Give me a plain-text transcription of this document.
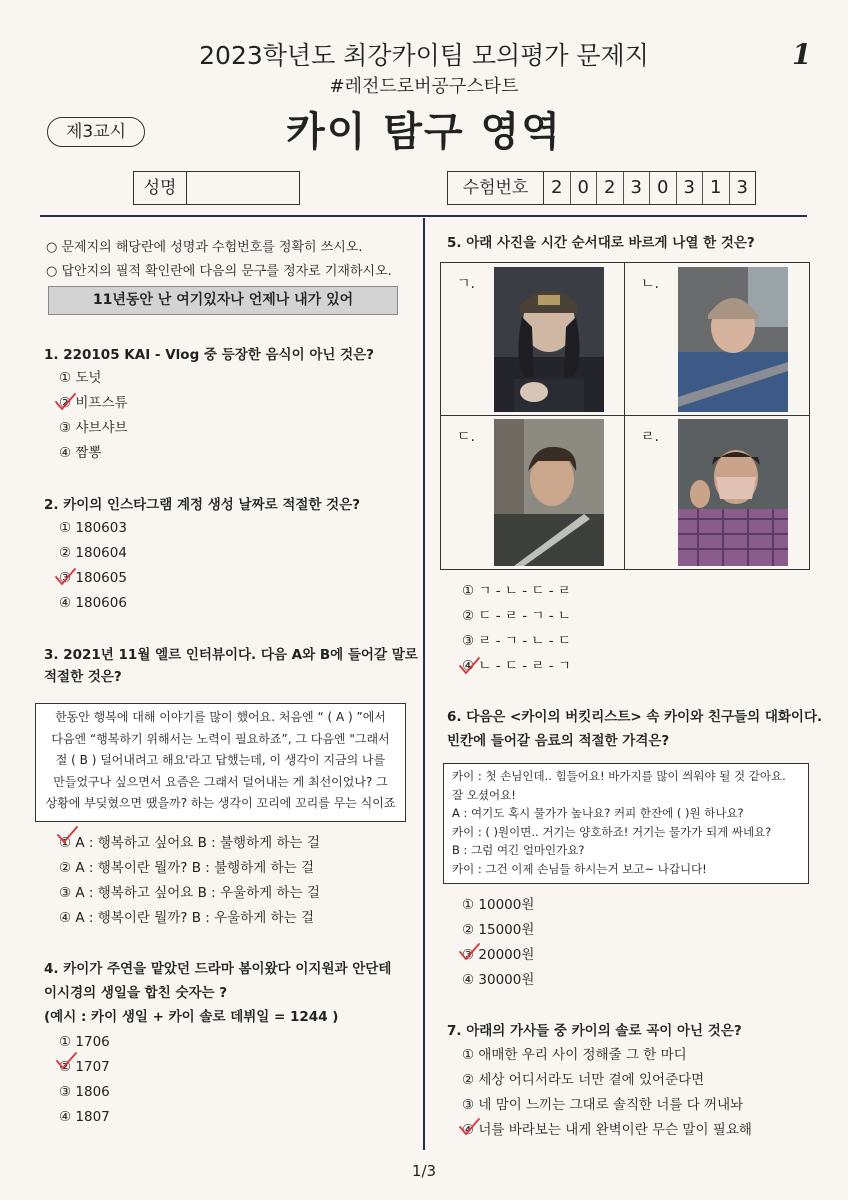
2023학년도 최강카이팀 모의평가 문제지
#레전드로버공구스타트
1
카이 탐구 영역
제3교시
성명	수험번호	2 0 2 3 0 3 1 3
○ 문제지의 해당란에 성명과 수험번호를 정확히 쓰시오.
○ 답안지의 필적 확인란에 다음의 문구를 정자로 기재하시오.
11년동안 난 여기있자나 언제나 내가 있어
1. 220105 KAI - Vlog 중 등장한 음식이 아닌 것은?
① 도넛
② 비프스튜
③ 샤브샤브
④ 짬뽕
2. 카이의 인스타그램 계정 생성 날짜로 적절한 것은?
① 180603
② 180604
③ 180605
④ 180606
3. 2021년 11월 엘르 인터뷰이다. 다음 A와 B에 들어갈 말로
적절한 것은?
한동안 행복에 대해 이야기를 많이 했어요. 처음엔 “ ( A ) ”에서
다음엔 “행복하기 위해서는 노력이 필요하죠”, 그 다음엔 "그래서
절 ( B ) 덜어내려고 해요'라고 답했는데, 이 생각이 지금의 나를
만들었구나 싶으면서 요즘은 그래서 덜어내는 게 최선이었나? 그
상황에 부딪혔으면 땠을까? 하는 생각이 꼬리에 꼬리를 무는 식이죠
① A : 행복하고 싶어요 B : 불행하게 하는 걸
② A : 행복이란 뭘까? B : 불행하게 하는 걸
③ A : 행복하고 싶어요 B : 우울하게 하는 걸
④ A : 행복이란 뭘까? B : 우울하게 하는 걸
4. 카이가 주연을 맡았던 드라마 봄이왔다 이지원과 안단테
이시경의 생일을 합친 숫자는 ?
(예시 : 카이 생일 + 카이 솔로 데뷔일 = 1244 )
① 1706
② 1707
③ 1806
④ 1807
5. 아래 사진을 시간 순서대로 바르게 나열 한 것은?
ㄱ.	ㄴ.
ㄷ.	ㄹ.
① ㄱ - ㄴ - ㄷ - ㄹ
② ㄷ - ㄹ - ㄱ - ㄴ
③ ㄹ - ㄱ - ㄴ - ㄷ
④ ㄴ - ㄷ - ㄹ - ㄱ
6. 다음은 <카이의 버킷리스트> 속 카이와 친구들의 대화이다.
빈칸에 들어갈 음료의 적절한 가격은?
카이 : 첫 손님인데.. 힘들어요! 바가지를 많이 씌워야 될 것 같아요.
잘 오셨어요!
A : 여기도 혹시 물가가 높나요? 커피 한잔에 ( )원 하나요?
카이 : ( )원이면.. 거기는 양호하죠! 거기는 물가가 되게 싸네요?
B : 그럼 여긴 얼마인가요?
카이 : 그건 이제 손님들 하시는거 보고~ 나갑니다!
① 10000원
② 15000원
③ 20000원
④ 30000원
7. 아래의 가사들 중 카이의 솔로 곡이 아닌 것은?
① 애매한 우리 사이 정해줄 그 한 마디
② 세상 어디서라도 너만 곁에 있어준다면
③ 네 맘이 느끼는 그대로 솔직한 너를 다 꺼내놔
④ 너를 바라보는 내게 완벽이란 무슨 말이 필요해
1/3
